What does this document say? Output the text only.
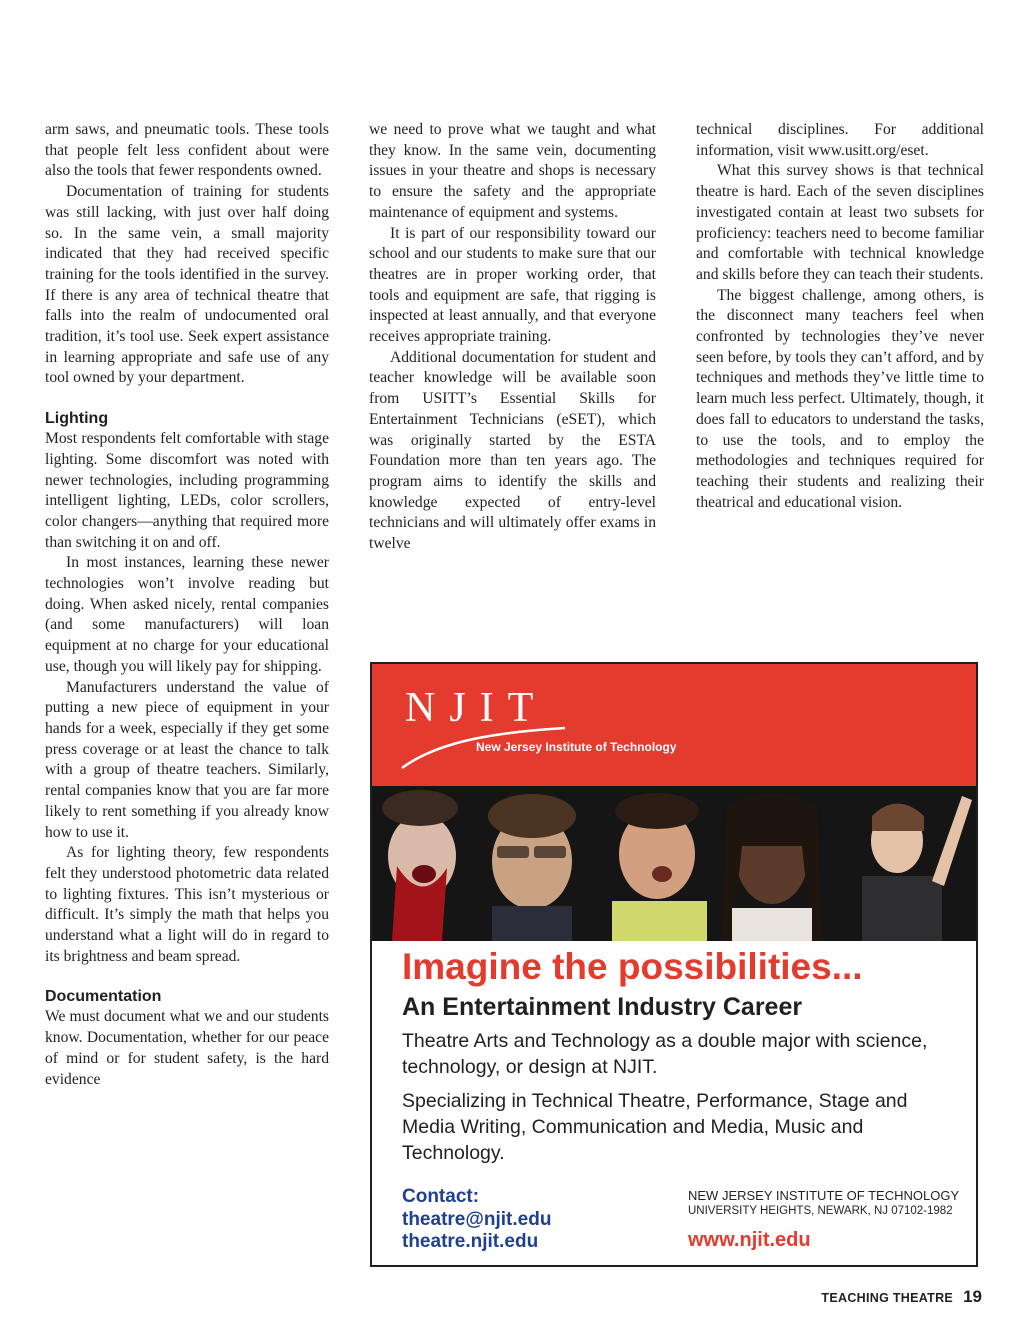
arm saws, and pneumatic tools. These tools that people felt less confident about were also the tools that fewer respondents owned.

Documentation of training for students was still lacking, with just over half doing so. In the same vein, a small majority indicated that they had received specific training for the tools identified in the survey. If there is any area of technical theatre that falls into the realm of undocumented oral tradition, it’s tool use. Seek expert assistance in learning appropriate and safe use of any tool owned by your department.

Lighting

Most respondents felt comfortable with stage lighting. Some discomfort was noted with newer technologies, including programming intelligent lighting, LEDs, color scrollers, color changers—anything that required more than switching it on and off.

In most instances, learning these newer technologies won’t involve reading but doing. When asked nicely, rental companies (and some manufacturers) will loan equipment at no charge for your educational use, though you will likely pay for shipping.

Manufacturers understand the value of putting a new piece of equipment in your hands for a week, especially if they get some press coverage or at least the chance to talk with a group of theatre teachers. Similarly, rental companies know that you are far more likely to rent something if you already know how to use it.

As for lighting theory, few respondents felt they understood photometric data related to lighting fixtures. This isn’t mysterious or difficult. It’s simply the math that helps you understand what a light will do in regard to its brightness and beam spread.

Documentation

We must document what we and our students know. Documentation, whether for our peace of mind or for student safety, is the hard evidence

we need to prove what we taught and what they know. In the same vein, documenting issues in your theatre and shops is necessary to ensure the safety and the appropriate maintenance of equipment and systems.

It is part of our responsibility toward our school and our students to make sure that our theatres are in proper working order, that tools and equipment are safe, that rigging is inspected at least annually, and that everyone receives appropriate training.

Additional documentation for student and teacher knowledge will be available soon from USITT’s Essential Skills for Entertainment Technicians (eSET), which was originally started by the ESTA Foundation more than ten years ago. The program aims to identify the skills and knowledge expected of entry-level technicians and will ultimately offer exams in twelve

technical disciplines. For additional information, visit www.usitt.org/eset.

What this survey shows is that technical theatre is hard. Each of the seven disciplines investigated contain at least two subsets for proficiency: teachers need to become familiar and comfortable with technical knowledge and skills before they can teach their students.

The biggest challenge, among others, is the disconnect many teachers feel when confronted by technologies they’ve never seen before, by tools they can’t afford, and by techniques and methods they’ve little time to learn much less perfect. Ultimately, though, it does fall to educators to understand the tasks, to use the tools, and to employ the methodologies and techniques required for teaching their students and realizing their theatrical and educational vision.

NJIT
New Jersey Institute of Technology

Imagine the possibilities...

An Entertainment Industry Career

Theatre Arts and Technology as a double major with science, technology, or design at NJIT.

Specializing in Technical Theatre, Performance, Stage and Media Writing, Communication and Media, Music and Technology.

Contact:
theatre@njit.edu
theatre.njit.edu
NEW JERSEY INSTITUTE OF TECHNOLOGY
UNIVERSITY HEIGHTS, NEWARK, NJ 07102-1982
www.njit.edu
TEACHING THEATRE 19
